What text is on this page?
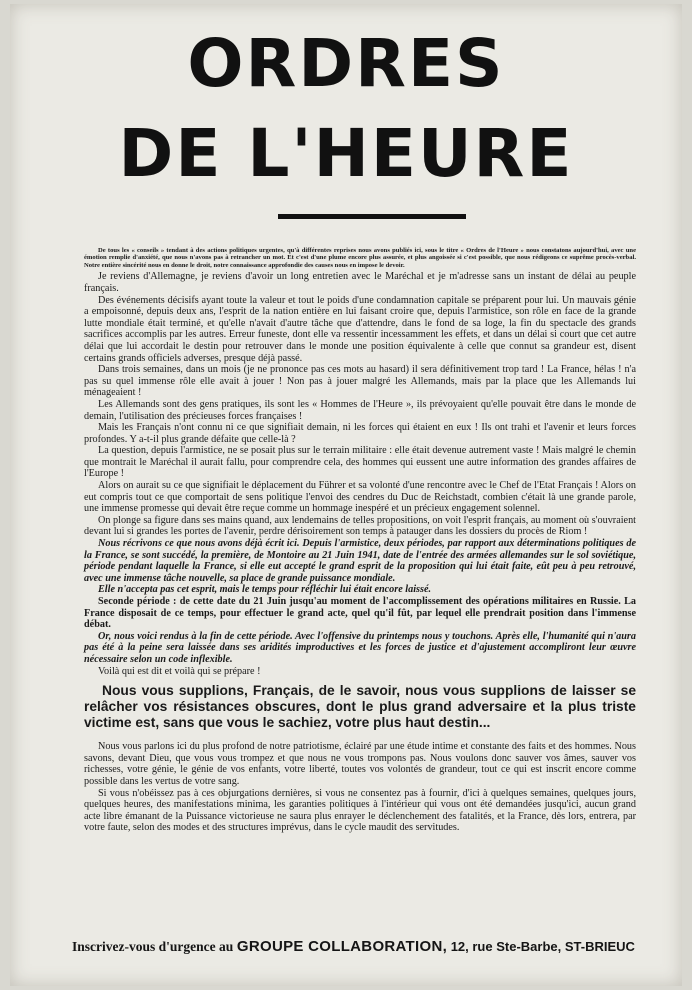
ORDRES
DE L'HEURE

De tous les « conseils » tendant à des actions politiques urgentes, qu'à différentes reprises nous avons publiés ici, sous le titre « Ordres de l'Heure » nous constatons aujourd'hui, avec une émotion remplie d'anxiété, que nous n'avons pas à retrancher un mot. Et c'est d'une plume encore plus assurée, et plus angoissée si c'est possible, que nous rédigeons ce suprême procès-verbal. Notre entière sincérité nous en donne le droit, notre connaissance approfondie des causes nous en impose le devoir.

Je reviens d'Allemagne, je reviens d'avoir un long entretien avec le Maréchal et je m'adresse sans un instant de délai au peuple français.

Des événements décisifs ayant toute la valeur et tout le poids d'une condamnation capitale se préparent pour lui. Un mauvais génie a empoisonné, depuis deux ans, l'esprit de la nation entière en lui faisant croire que, depuis l'armistice, son rôle en face de la grande lutte mondiale était terminé, et qu'elle n'avait d'autre tâche que d'attendre, dans le fond de sa loge, la fin du spectacle des grands sacrifices accomplis par les autres. Erreur funeste, dont elle va ressentir incessamment les effets, et dans un délai si court que cet autre délai que lui accordait le destin pour retrouver dans le monde une position équivalente à celle que connut sa grandeur est, disent certains grands officiels adverses, presque déjà passé.

Dans trois semaines, dans un mois (je ne prononce pas ces mots au hasard) il sera définitivement trop tard ! La France, hélas ! n'a pas su quel immense rôle elle avait à jouer ! Non pas à jouer malgré les Allemands, mais par la place que les Allemands lui ménageaient !

Les Allemands sont des gens pratiques, ils sont les « Hommes de l'Heure », ils prévoyaient qu'elle pouvait être dans le monde de demain, l'utilisation des précieuses forces françaises !

Mais les Français n'ont connu ni ce que signifiait demain, ni les forces qui étaient en eux ! Ils ont trahi et l'avenir et leurs forces profondes. Y a-t-il plus grande défaite que celle-là ?

La question, depuis l'armistice, ne se posait plus sur le terrain militaire : elle était devenue autrement vaste ! Mais malgré le chemin que montrait le Maréchal il aurait fallu, pour comprendre cela, des hommes qui eussent une autre information des grandes affaires de l'Europe !

Alors on aurait su ce que signifiait le déplacement du Führer et sa volonté d'une rencontre avec le Chef de l'Etat Français ! Alors on eut compris tout ce que comportait de sens politique l'envoi des cendres du Duc de Reichstadt, combien c'était là une grande parole, une immense promesse qui devait être reçue comme un hommage inespéré et un précieux engagement solennel.

On plonge sa figure dans ses mains quand, aux lendemains de telles propositions, on voit l'esprit français, au moment où s'ouvraient devant lui si grandes les portes de l'avenir, perdre dérisoirement son temps à patauger dans les dossiers du procès de Riom !

Nous récrivons ce que nous avons déjà écrit ici. Depuis l'armistice, deux périodes, par rapport aux déterminations politiques de la France, se sont succédé, la première, de Montoire au 21 Juin 1941, date de l'entrée des armées allemandes sur le sol soviétique, période pendant laquelle la France, si elle eut accepté le grand esprit de la proposition qui lui était faite, eût peu à peu retrouvé, avec une immense tâche nouvelle, sa place de grande puissance mondiale.

Elle n'accepta pas cet esprit, mais le temps pour réfléchir lui était encore laissé.

Seconde période : de cette date du 21 Juin jusqu'au moment de l'accomplissement des opérations militaires en Russie. La France disposait de ce temps, pour effectuer le grand acte, quel qu'il fût, par lequel elle prendrait position dans l'immense débat.

Or, nous voici rendus à la fin de cette période. Avec l'offensive du printemps nous y touchons. Après elle, l'humanité qui n'aura pas été à la peine sera laissée dans ses aridités improductives et les forces de justice et d'ajustement accompliront leur œuvre nécessaire selon un code inflexible.

Voilà qui est dit et voilà qui se prépare !

Nous vous supplions, Français, de le savoir, nous vous supplions de laisser se relâcher vos résistances obscures, dont le plus grand adversaire et la plus triste victime est, sans que vous le sachiez, votre plus haut destin...

Nous vous parlons ici du plus profond de notre patriotisme, éclairé par une étude intime et constante des faits et des hommes. Nous savons, devant Dieu, que vous vous trompez et que nous ne vous trompons pas. Nous voulons donc sauver vos âmes, sauver vos richesses, votre génie, le génie de vos enfants, votre liberté, toutes vos volontés de grandeur, tout ce qui est inscrit encore comme possible dans les vertus de votre sang.

Si vous n'obéissez pas à ces objurgations dernières, si vous ne consentez pas à fournir, d'ici à quelques semaines, quelques jours, quelques heures, des manifestations minima, les garanties politiques à l'intérieur qui vous ont été demandées jusqu'ici, aucun grand acte libre émanant de la Puissance victorieuse ne saura plus enrayer le déclenchement des fatalités, et la France, dès lors, entrera, par votre faute, selon des modes et des structures imprévus, dans le cycle maudit des servitudes.

Inscrivez-vous d'urgence au GROUPE COLLABORATION, 12, rue Ste-Barbe, ST-BRIEUC
